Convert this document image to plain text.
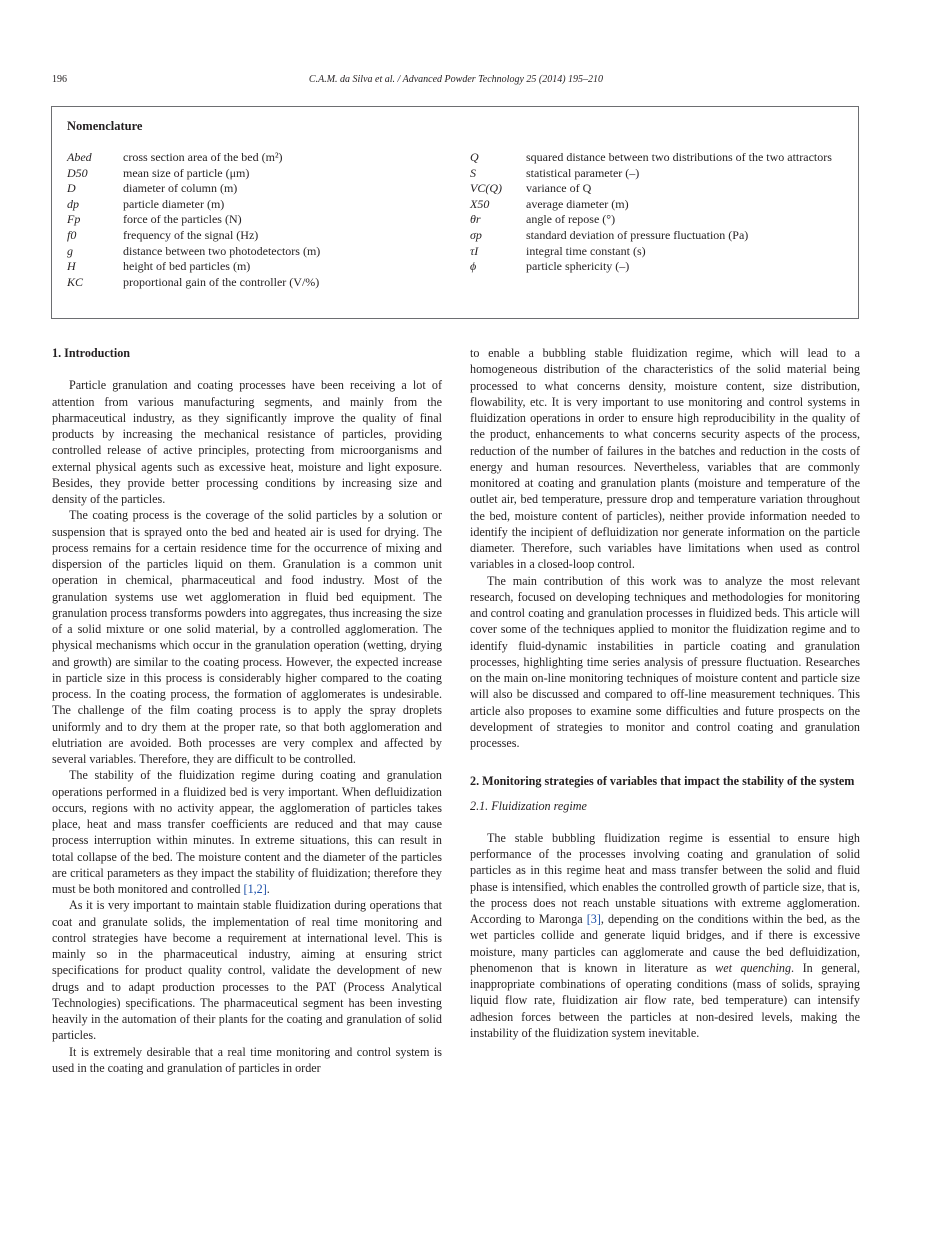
196	C.A.M. da Silva et al. / Advanced Powder Technology 25 (2014) 195–210
Nomenclature
Abed	cross section area of the bed (m²)
D50	mean size of particle (μm)
D	diameter of column (m)
dp	particle diameter (m)
Fp	force of the particles (N)
f0	frequency of the signal (Hz)
g	distance between two photodetectors (m)
H	height of bed particles (m)
KC	proportional gain of the controller (V/%)
Q	squared distance between two distributions of the two attractors
S	statistical parameter (–)
VC(Q)	variance of Q
X50	average diameter (m)
θr	angle of repose (°)
σp	standard deviation of pressure fluctuation (Pa)
τI	integral time constant (s)
ϕ	particle sphericity (–)

1. Introduction

Particle granulation and coating processes have been receiving a lot of attention from various manufacturing segments, and mainly from the pharmaceutical industry, as they significantly improve the quality of final products by increasing the mechanical resistance of particles, providing controlled release of active principles, protecting from microorganisms and external physical agents such as excessive heat, moisture and light exposure. Besides, they provide better processing conditions by increasing size and density of the particles.

The coating process is the coverage of the solid particles by a solution or suspension that is sprayed onto the bed and heated air is used for drying. The process remains for a certain residence time for the occurrence of mixing and dispersion of the particles liquid on them. Granulation is a common unit operation in chemical, pharmaceutical and food industry. Most of the granulation systems use wet agglomeration in fluid bed equipment. The granulation process transforms powders into aggregates, thus increasing the size of a solid mixture or one solid material, by a controlled agglomeration. The physical mechanisms which occur in the granulation operation (wetting, drying and growth) are similar to the coating process. However, the expected increase in particle size in this process is considerably higher compared to the coating process. In the coating process, the formation of agglomerates is undesirable. The challenge of the film coating process is to apply the spray droplets uniformly and to dry them at the proper rate, so that both agglomeration and elutriation are avoided. Both processes are very complex and affected by several variables. Therefore, they are difficult to be controlled.

The stability of the fluidization regime during coating and granulation operations performed in a fluidized bed is very important. When defluidization occurs, regions with no activity appear, the agglomeration of particles takes place, heat and mass transfer coefficients are reduced and that may cause process interruption within minutes. In extreme situations, this can result in total collapse of the bed. The moisture content and the diameter of the particles are critical parameters as they impact the stability of fluidization; therefore they must be both monitored and controlled [1,2].

As it is very important to maintain stable fluidization during operations that coat and granulate solids, the implementation of real time monitoring and control strategies have become a requirement at international level. This is mainly so in the pharmaceutical industry, aiming at ensuring strict specifications for product quality control, validate the development of new drugs and to adapt production processes to the PAT (Process Analytical Technologies) specifications. The pharmaceutical segment has been investing heavily in the automation of their plants for the coating and granulation of solid particles.

It is extremely desirable that a real time monitoring and control system is used in the coating and granulation of particles in order

to enable a bubbling stable fluidization regime, which will lead to a homogeneous distribution of the characteristics of the solid material being processed to what concerns density, moisture content, size distribution, flowability, etc. It is very important to use monitoring and control systems in fluidization operations in order to ensure high reproducibility in the quality of the product, enhancements to what concerns security aspects of the process, reduction of the number of failures in the batches and reduction in the costs of energy and human resources. Nevertheless, variables that are commonly monitored at coating and granulation plants (moisture and temperature of the outlet air, bed temperature, pressure drop and temperature variation throughout the bed, moisture content of particles), neither provide information needed to identify the incipient of defluidization nor generate information on the particle diameter. Therefore, such variables have limitations when used as control variables in a closed-loop control.

The main contribution of this work was to analyze the most relevant research, focused on developing techniques and methodologies for monitoring and control coating and granulation processes in fluidized beds. This article will cover some of the techniques applied to monitor the fluidization regime and to identify fluid-dynamic instabilities in particle coating and granulation processes, highlighting time series analysis of pressure fluctuation. Researches on the main on-line monitoring techniques of moisture content and particle size will also be discussed and compared to off-line measurement techniques. This article also proposes to examine some difficulties and future prospects on the development of strategies to monitor and control coating and granulation processes.

2. Monitoring strategies of variables that impact the stability of the system

2.1. Fluidization regime

The stable bubbling fluidization regime is essential to ensure high performance of the processes involving coating and granulation of solid particles as in this regime heat and mass transfer between the solid and fluid phase is intensified, which enables the controlled growth of particle size, that is, the process does not reach unstable situations with extreme agglomeration. According to Maronga [3], depending on the conditions within the bed, as the wet particles collide and generate liquid bridges, and if there is excessive moisture, many particles can agglomerate and cause the bed defluidization, phenomenon that is known in literature as wet quenching. In general, inappropriate combinations of operating conditions (mass of solids, spraying liquid flow rate, fluidization air flow rate, bed temperature) can intensify adhesion forces between the particles at non-desired levels, making the instability of the fluidization system inevitable.
